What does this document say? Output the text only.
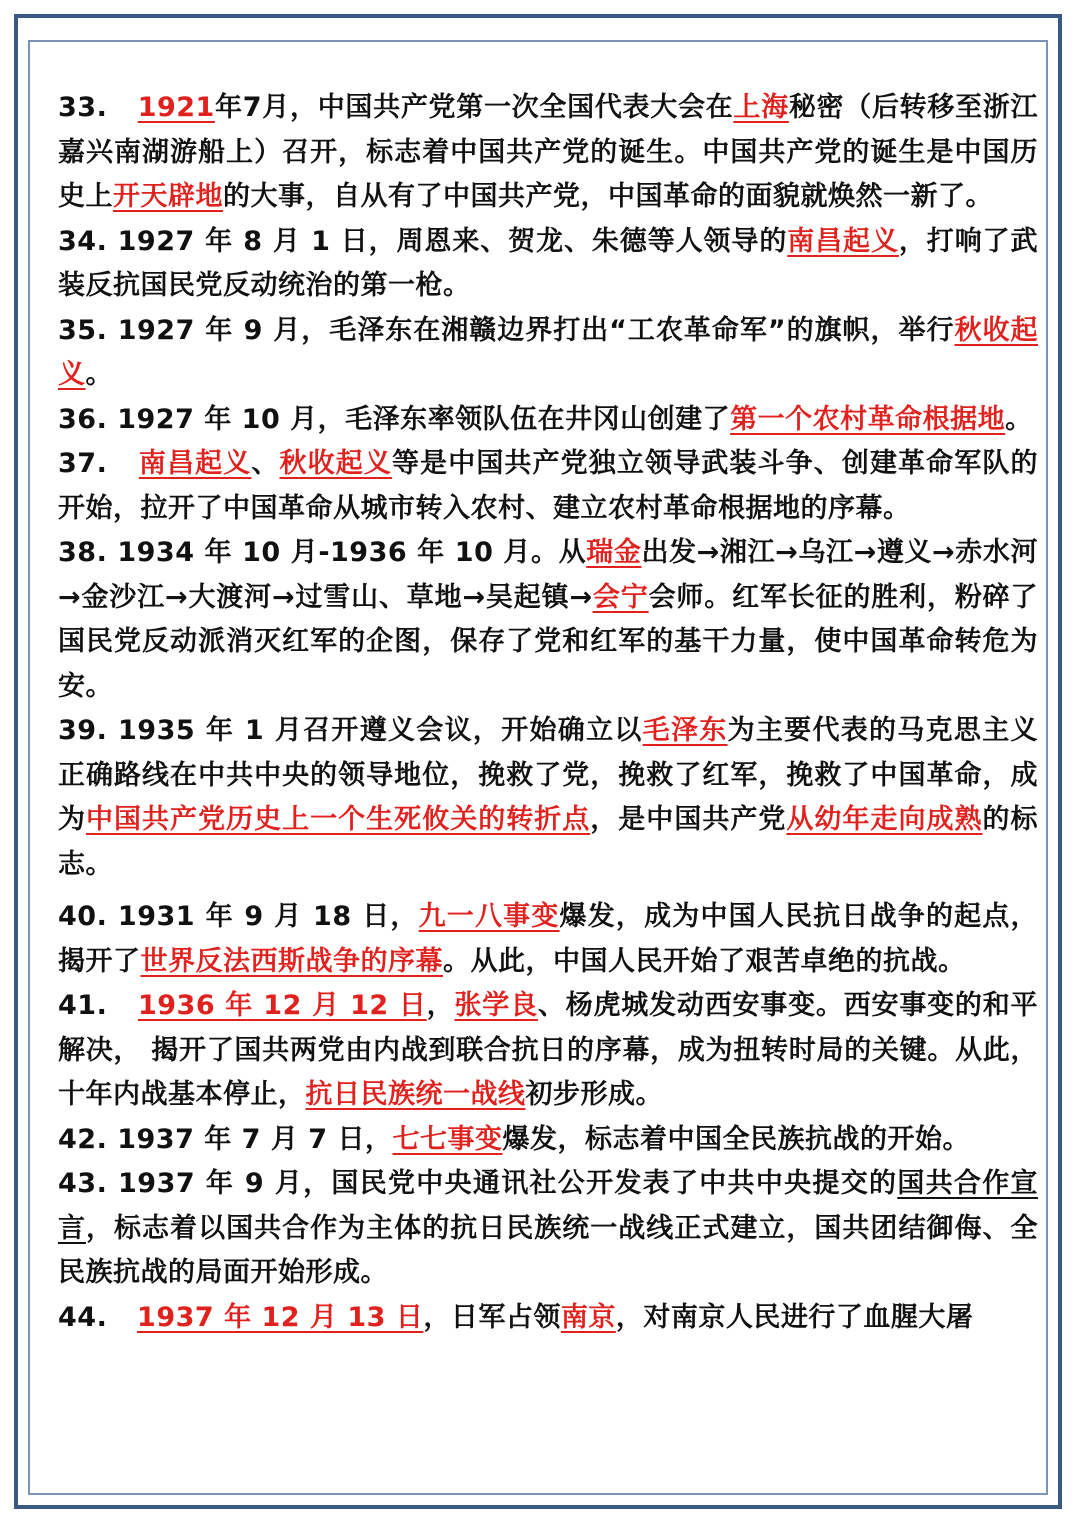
33. 1921年7月，中国共产党第一次全国代表大会在上海秘密（后转移至浙江嘉兴南湖游船上）召开，标志着中国共产党的诞生。中国共产党的诞生是中国历史上开天辟地的大事，自从有了中国共产党，中国革命的面貌就焕然一新了。

34. 1927 年 8 月 1 日，周恩来、贺龙、朱德等人领导的南昌起义，打响了武装反抗国民党反动统治的第一枪。

35. 1927 年 9 月，毛泽东在湘赣边界打出“工农革命军”的旗帜，举行秋收起义。

36. 1927 年 10 月，毛泽东率领队伍在井冈山创建了第一个农村革命根据地。

37. 南昌起义、秋收起义等是中国共产党独立领导武装斗争、创建革命军队的开始，拉开了中国革命从城市转入农村、建立农村革命根据地的序幕。

38. 1934 年 10 月-1936 年 10 月。从瑞金出发→湘江→乌江→遵义→赤水河 →金沙江→大渡河→过雪山、草地→吴起镇→会宁会师。红军长征的胜利，粉碎了国民党反动派消灭红军的企图，保存了党和红军的基干力量，使中国革命转危为安。

39. 1935 年 1 月召开遵义会议，开始确立以毛泽东为主要代表的马克思主义正确路线在中共中央的领导地位，挽救了党，挽救了红军，挽救了中国革命，成为中国共产党历史上一个生死攸关的转折点，是中国共产党从幼年走向成熟的标志。

40. 1931 年 9 月 18 日，九一八事变爆发，成为中国人民抗日战争的起点，揭开了世界反法西斯战争的序幕。从此，中国人民开始了艰苦卓绝的抗战。

41. 1936 年 12 月 12 日，张学良、杨虎城发动西安事变。西安事变的和平解决， 揭开了国共两党由内战到联合抗日的序幕，成为扭转时局的关键。从此，十年内战基本停止，抗日民族统一战线初步形成。

42. 1937 年 7 月 7 日，七七事变爆发，标志着中国全民族抗战的开始。

43. 1937 年 9 月，国民党中央通讯社公开发表了中共中央提交的国共合作宣言，标志着以国共合作为主体的抗日民族统一战线正式建立，国共团结御侮、全民族抗战的局面开始形成。

44. 1937 年 12 月 13 日，日军占领南京，对南京人民进行了血腥大屠
